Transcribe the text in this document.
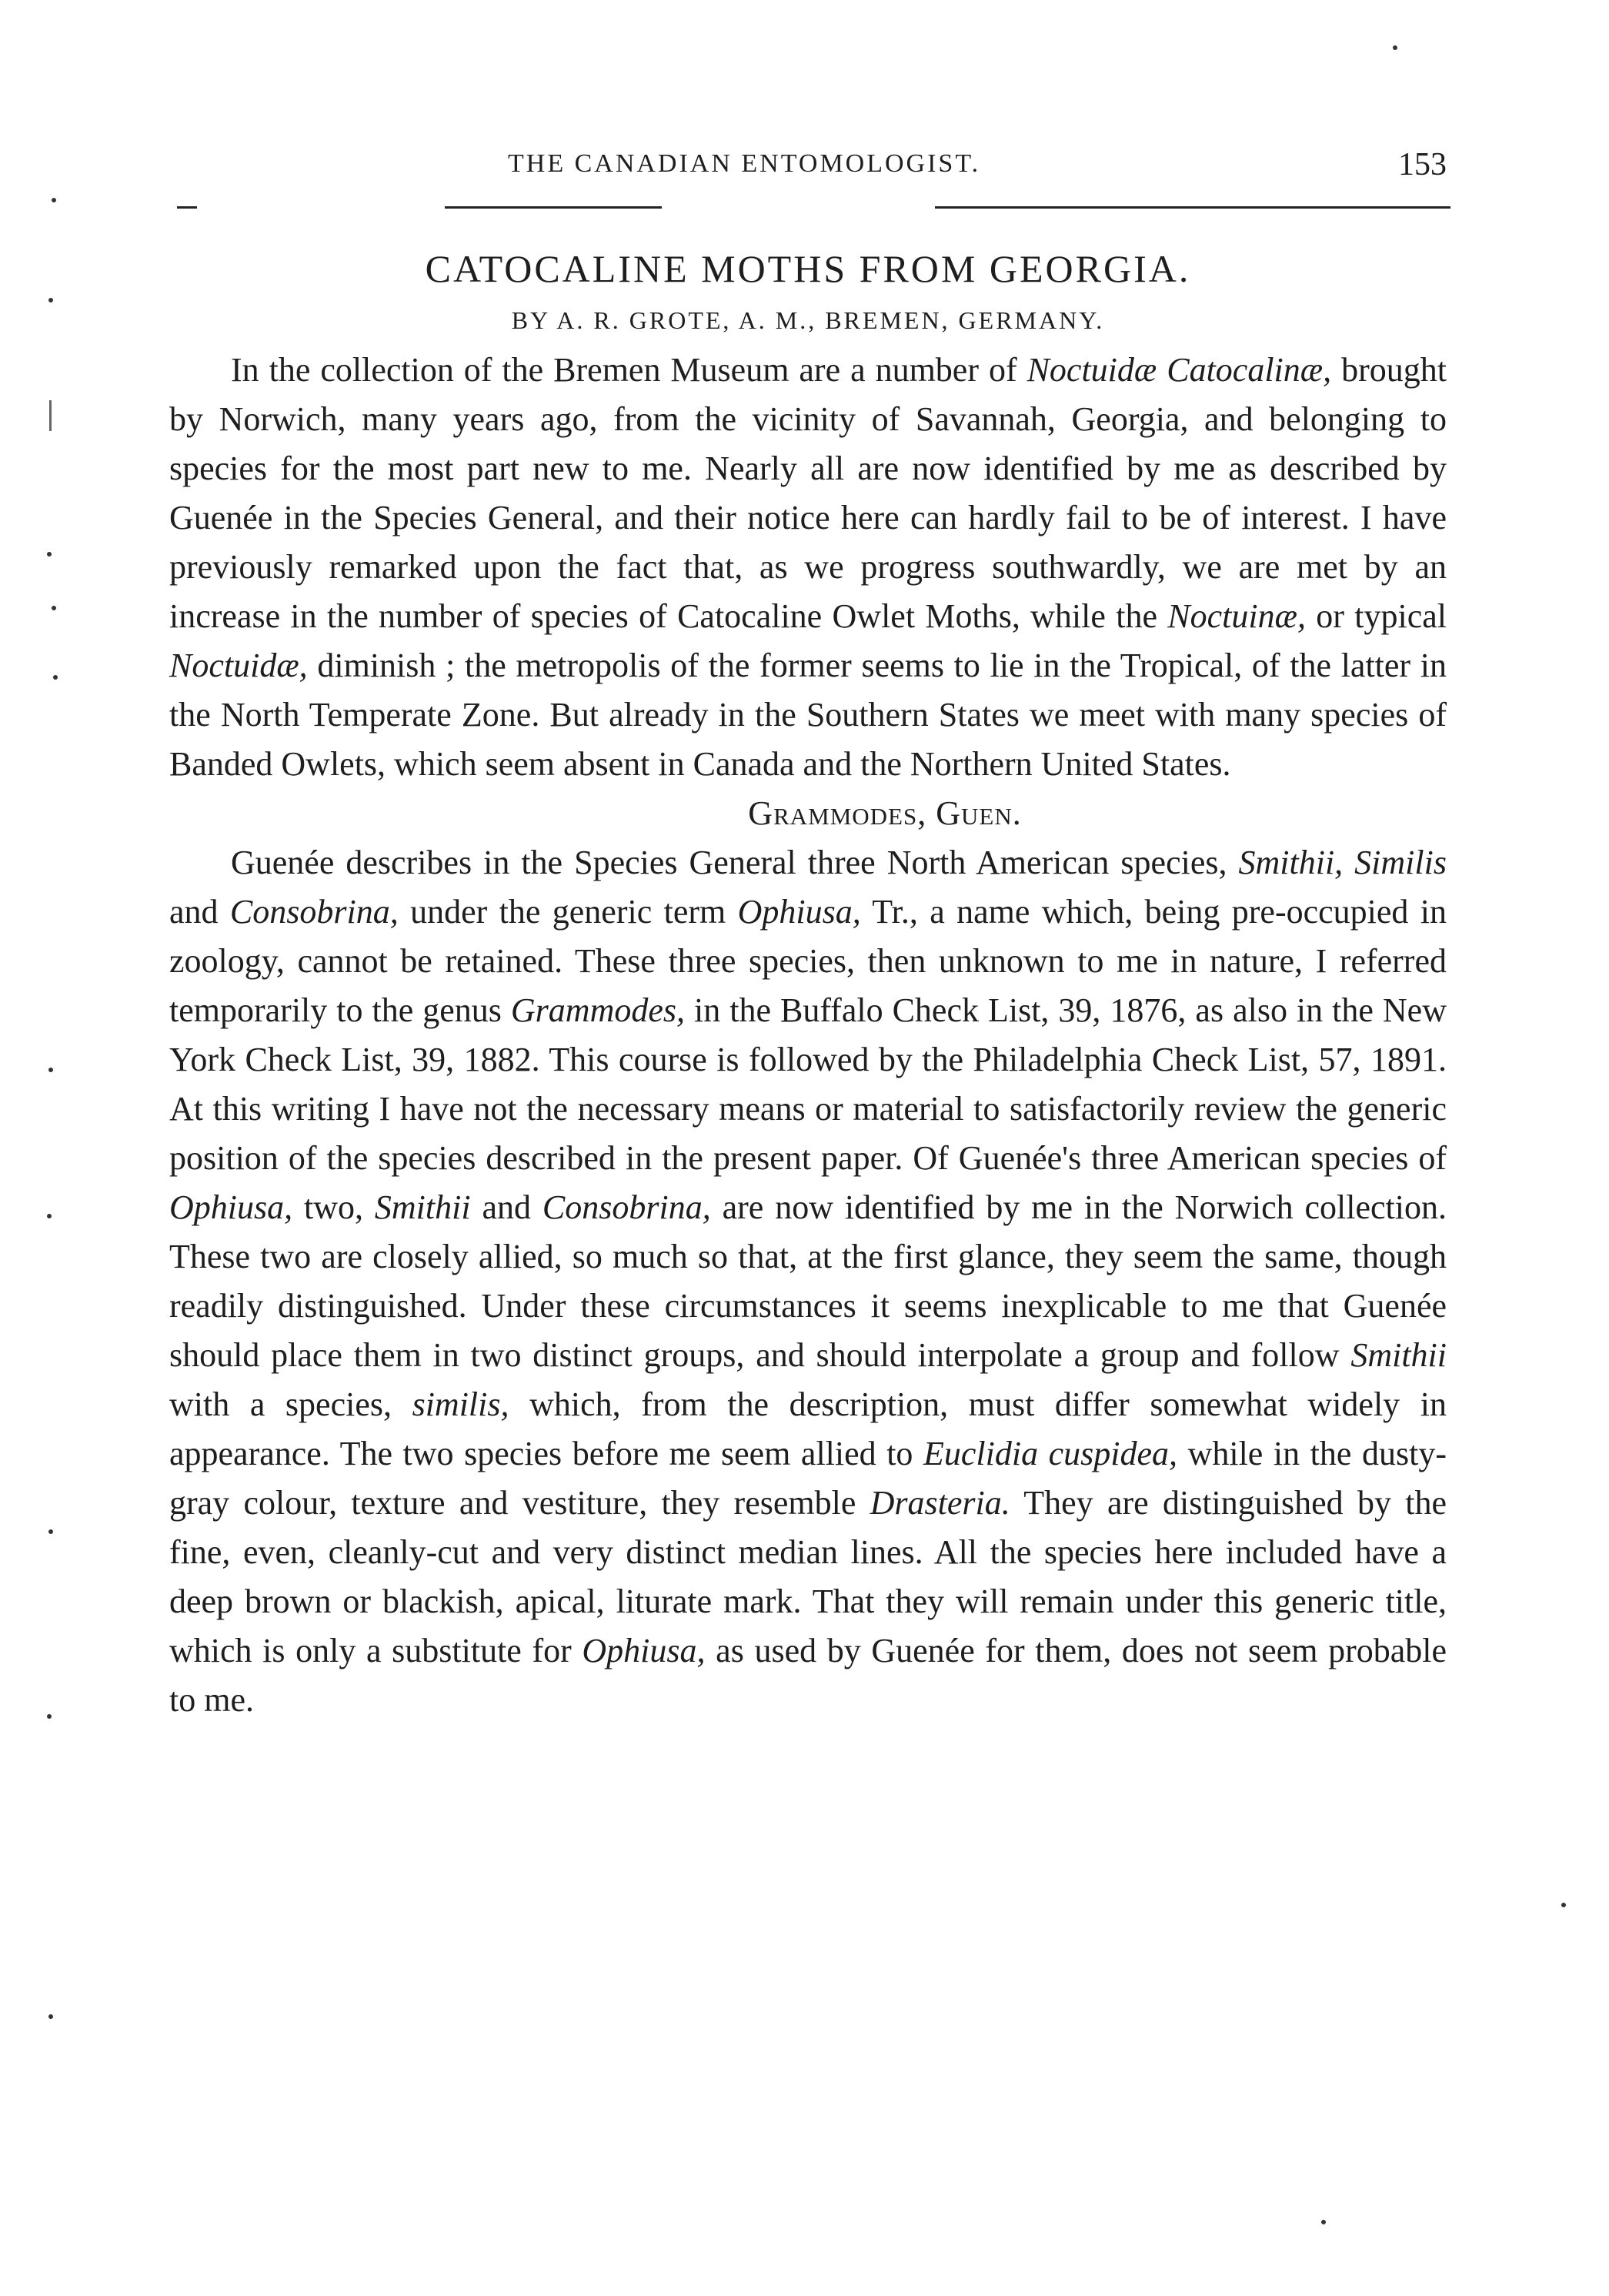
THE CANADIAN ENTOMOLOGIST.	153
CATOCALINE MOTHS FROM GEORGIA.
BY A. R. GROTE, A. M., BREMEN, GERMANY.

In the collection of the Bremen Museum are a number of Noctuidæ Catocalinæ, brought by Norwich, many years ago, from the vicinity of Savannah, Georgia, and belonging to species for the most part new to me. Nearly all are now identified by me as described by Guenée in the Species General, and their notice here can hardly fail to be of interest. I have previously remarked upon the fact that, as we progress southwardly, we are met by an increase in the number of species of Catocaline Owlet Moths, while the Noctuinæ, or typical Noctuidæ, diminish ; the metropolis of the former seems to lie in the Tropical, of the latter in the North Temperate Zone. But already in the Southern States we meet with many species of Banded Owlets, which seem absent in Canada and the Northern United States.

Grammodes, Guen.

Guenée describes in the Species General three North American species, Smithii, Similis and Consobrina, under the generic term Ophiusa, Tr., a name which, being pre-occupied in zoology, cannot be retained. These three species, then unknown to me in nature, I referred temporarily to the genus Grammodes, in the Buffalo Check List, 39, 1876, as also in the New York Check List, 39, 1882. This course is followed by the Philadelphia Check List, 57, 1891. At this writing I have not the necessary means or material to satisfactorily review the generic position of the species described in the present paper. Of Guenée's three American species of Ophiusa, two, Smithii and Consobrina, are now identified by me in the Norwich collection. These two are closely allied, so much so that, at the first glance, they seem the same, though readily distinguished. Under these circumstances it seems inexplicable to me that Guenée should place them in two distinct groups, and should interpolate a group and follow Smithii with a species, similis, which, from the description, must differ somewhat widely in appearance. The two species before me seem allied to Euclidia cuspidea, while in the dusty-gray colour, texture and vestiture, they resemble Drasteria. They are distinguished by the fine, even, cleanly-cut and very distinct median lines. All the species here included have a deep brown or blackish, apical, liturate mark. That they will remain under this generic title, which is only a substitute for Ophiusa, as used by Guenée for them, does not seem probable to me.
